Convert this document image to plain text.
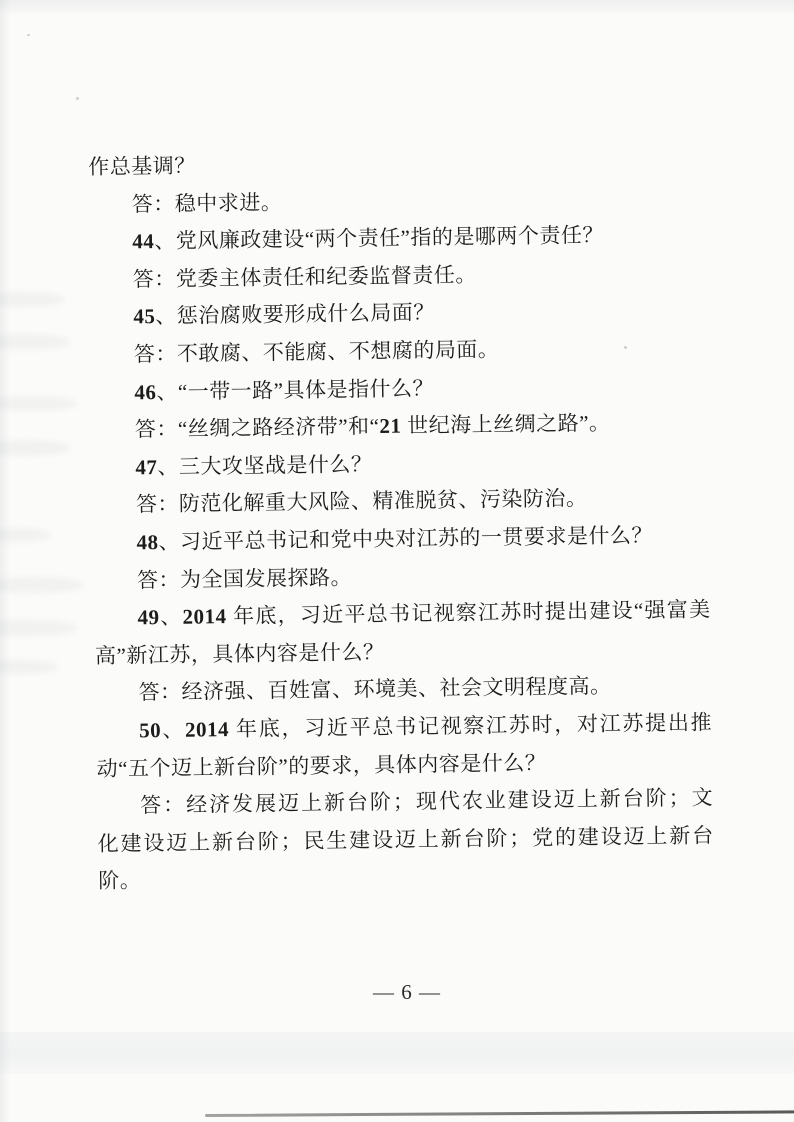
作总基调？
答：稳中求进。
44、党风廉政建设“两个责任”指的是哪两个责任？
答：党委主体责任和纪委监督责任。
45、惩治腐败要形成什么局面？
答：不敢腐、不能腐、不想腐的局面。
46、“一带一路”具体是指什么？
答：“丝绸之路经济带”和“21 世纪海上丝绸之路”。
47、三大攻坚战是什么？
答：防范化解重大风险、精准脱贫、污染防治。
48、习近平总书记和党中央对江苏的一贯要求是什么？
答：为全国发展探路。
49、2014 年底，习近平总书记视察江苏时提出建设“强富美
高”新江苏，具体内容是什么？
答：经济强、百姓富、环境美、社会文明程度高。
50、2014 年底，习近平总书记视察江苏时，对江苏提出推
动“五个迈上新台阶”的要求，具体内容是什么？
答：经济发展迈上新台阶；现代农业建设迈上新台阶；文
化建设迈上新台阶；民生建设迈上新台阶；党的建设迈上新台
阶。
— 6 —
